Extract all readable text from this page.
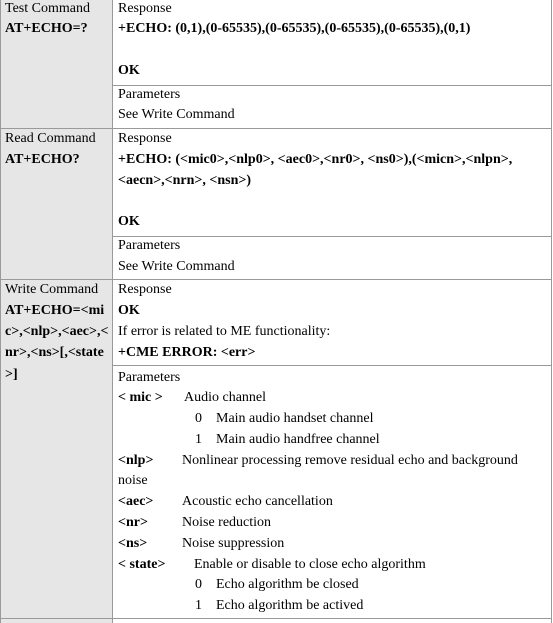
Test Command
AT+ECHO=?
Response
+ECHO: (0,1),(0-65535),(0-65535),(0-65535),(0-65535),(0,1)
OK
Parameters
See Write Command
Read Command
AT+ECHO?
Response
+ECHO: (<mic0>,<nlp0>, <aec0>,<nr0>, <ns0>),(<micn>,<nlpn>,
<aecn>,<nrn>, <nsn>)
OK
Parameters
See Write Command
Write Command
AT+ECHO=<mi
c>,<nlp>,<aec>,<
nr>,<ns>[,<state
>]
Response
OK
If error is related to ME functionality:
+CME ERROR: <err>
Parameters
< mic > Audio channel
0 Main audio handset channel
1 Main audio handfree channel
<nlp> Nonlinear processing remove residual echo and background
noise
<aec> Acoustic echo cancellation
<nr> Noise reduction
<ns> Noise suppression
< state> Enable or disable to close echo algorithm
0 Echo algorithm be closed
1 Echo algorithm be actived
